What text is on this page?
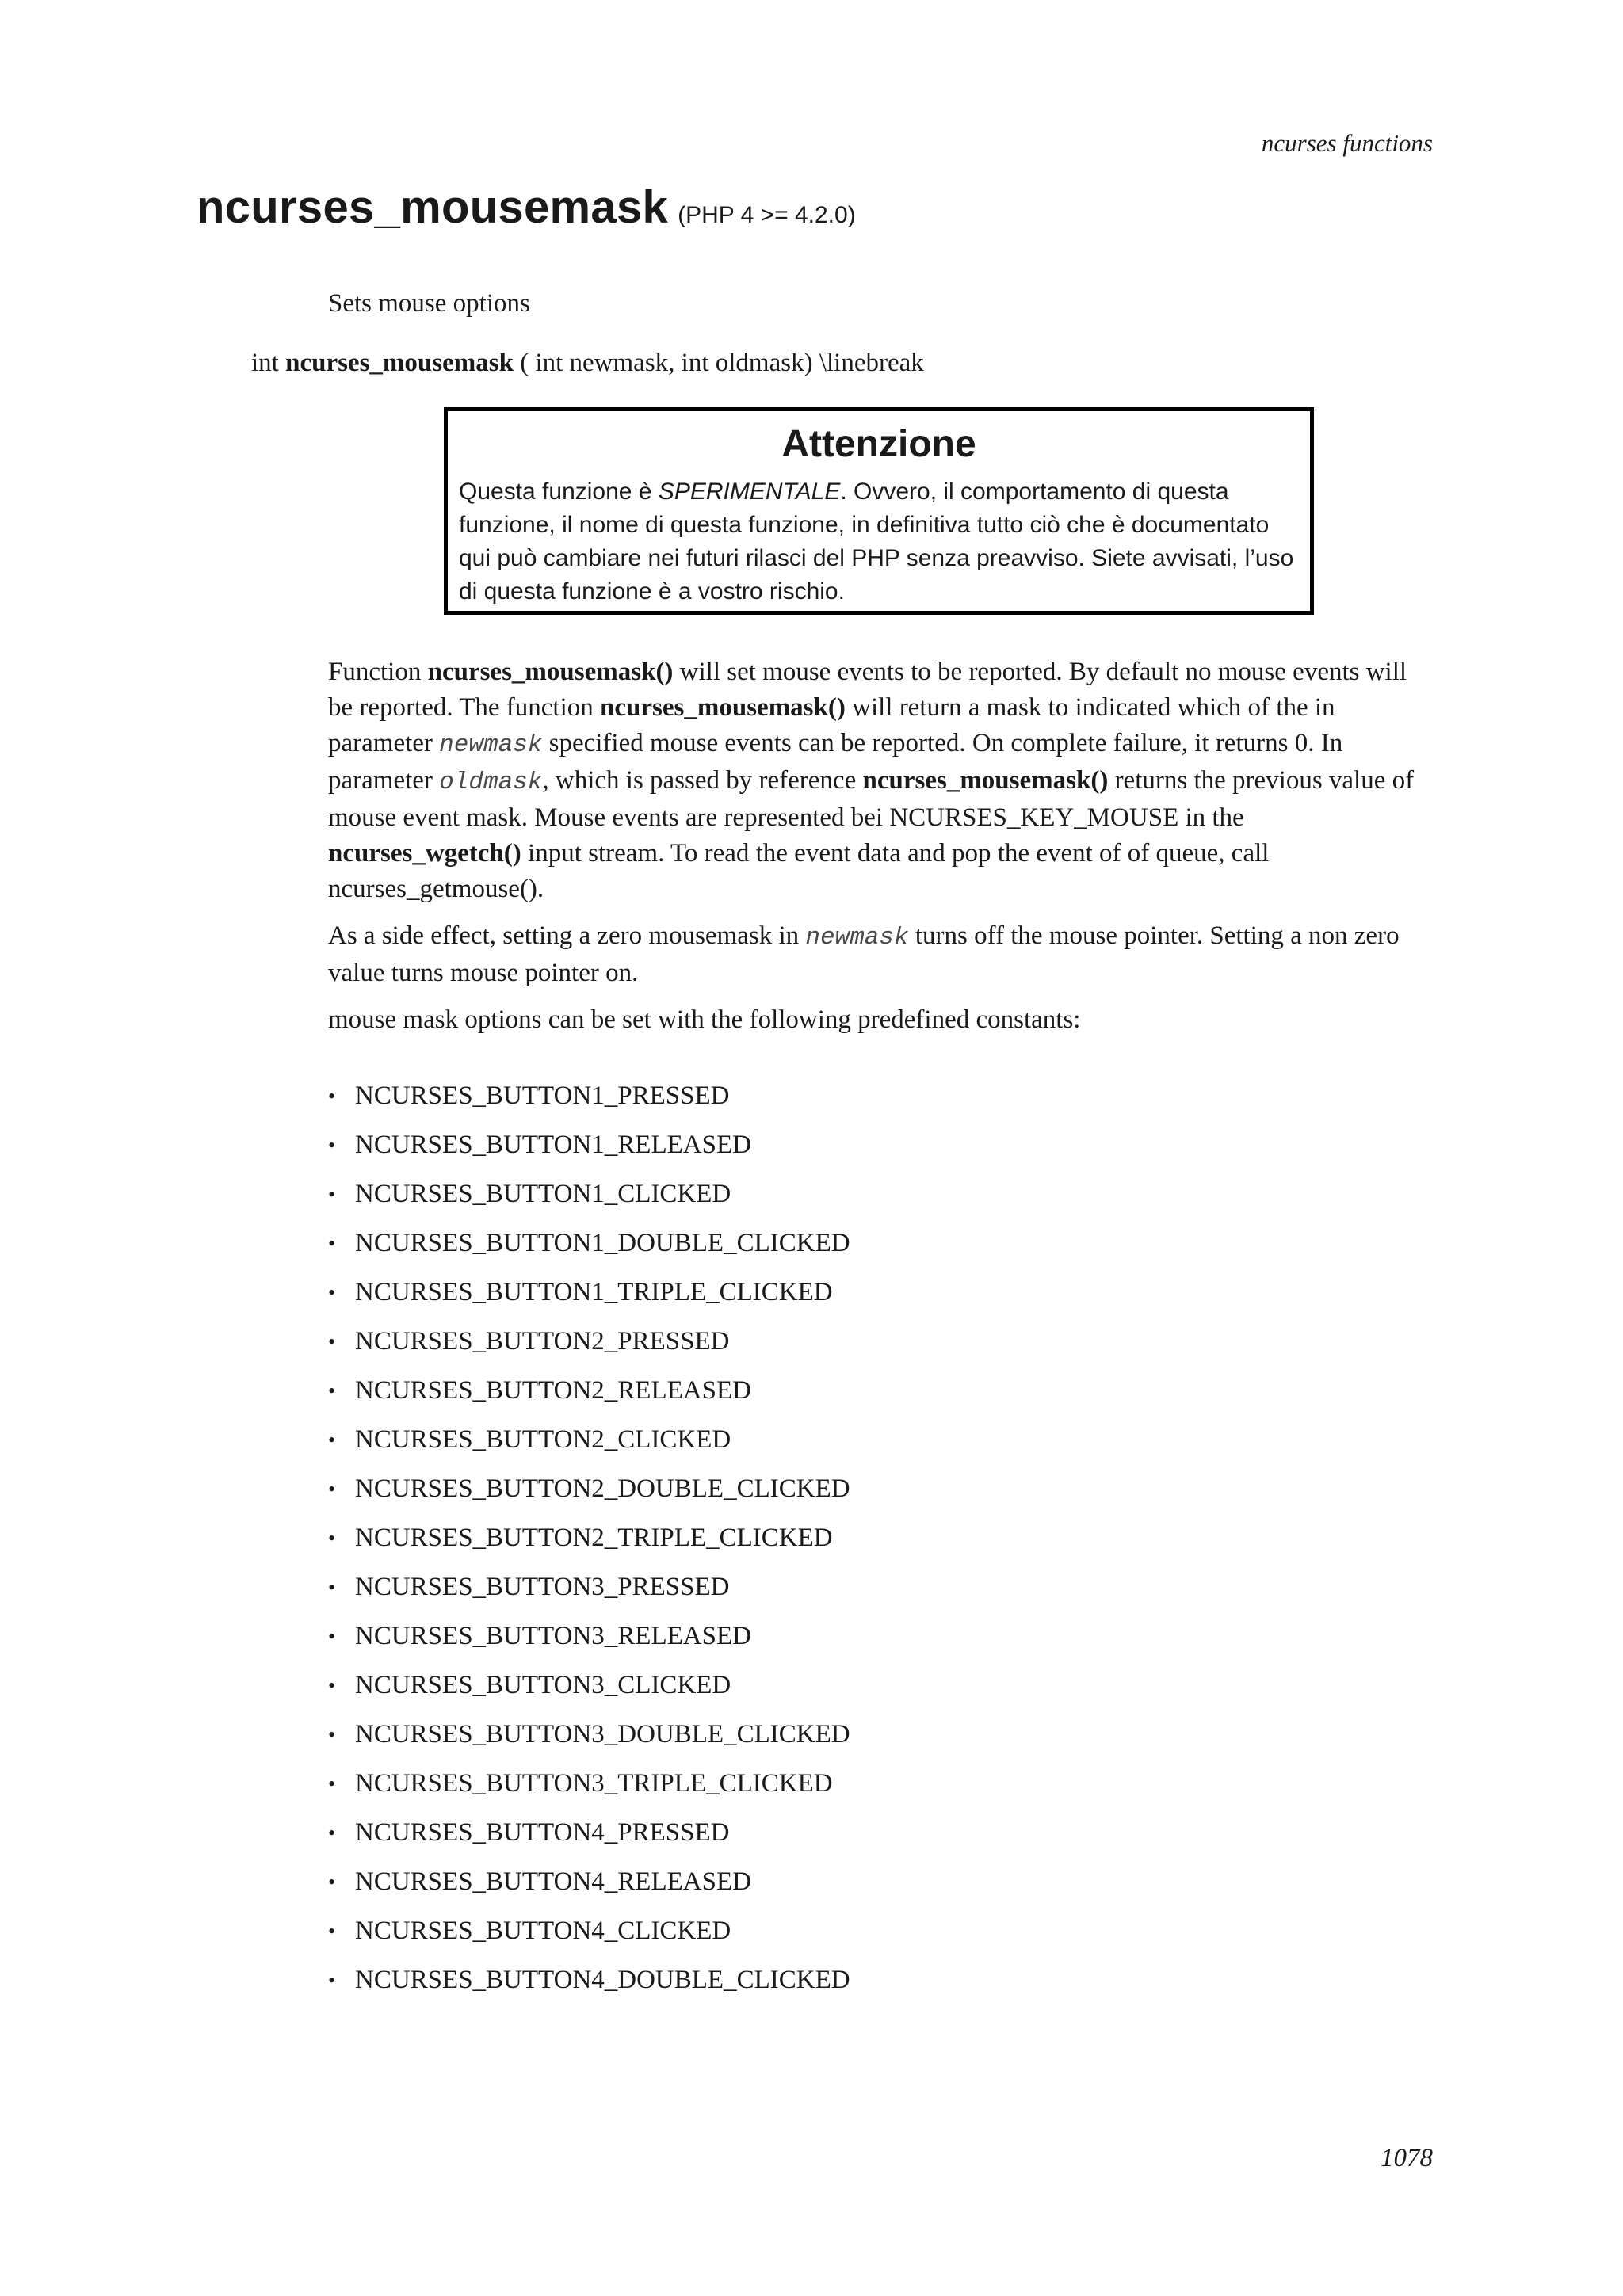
ncurses functions
ncurses_mousemask (PHP 4 >= 4.2.0)
Sets mouse options
int ncurses_mousemask ( int newmask, int oldmask) \linebreak
Attenzione
Questa funzione è SPERIMENTALE. Ovvero, il comportamento di questa funzione, il nome di questa funzione, in definitiva tutto ciò che è documentato qui può cambiare nei futuri rilasci del PHP senza preavviso. Siete avvisati, l’uso di questa funzione è a vostro rischio.

Function ncurses_mousemask() will set mouse events to be reported. By default no mouse events will be reported. The function ncurses_mousemask() will return a mask to indicated which of the in parameter newmask specified mouse events can be reported. On complete failure, it returns 0. In parameter oldmask, which is passed by reference ncurses_mousemask() returns the previous value of mouse event mask. Mouse events are represented bei NCURSES_KEY_MOUSE in the ncurses_wgetch() input stream. To read the event data and pop the event of of queue, call ncurses_getmouse().

As a side effect, setting a zero mousemask in newmask turns off the mouse pointer. Setting a non zero value turns mouse pointer on.

mouse mask options can be set with the following predefined constants:

• NCURSES_BUTTON1_PRESSED
• NCURSES_BUTTON1_RELEASED
• NCURSES_BUTTON1_CLICKED
• NCURSES_BUTTON1_DOUBLE_CLICKED
• NCURSES_BUTTON1_TRIPLE_CLICKED
• NCURSES_BUTTON2_PRESSED
• NCURSES_BUTTON2_RELEASED
• NCURSES_BUTTON2_CLICKED
• NCURSES_BUTTON2_DOUBLE_CLICKED
• NCURSES_BUTTON2_TRIPLE_CLICKED
• NCURSES_BUTTON3_PRESSED
• NCURSES_BUTTON3_RELEASED
• NCURSES_BUTTON3_CLICKED
• NCURSES_BUTTON3_DOUBLE_CLICKED
• NCURSES_BUTTON3_TRIPLE_CLICKED
• NCURSES_BUTTON4_PRESSED
• NCURSES_BUTTON4_RELEASED
• NCURSES_BUTTON4_CLICKED
• NCURSES_BUTTON4_DOUBLE_CLICKED
1078
